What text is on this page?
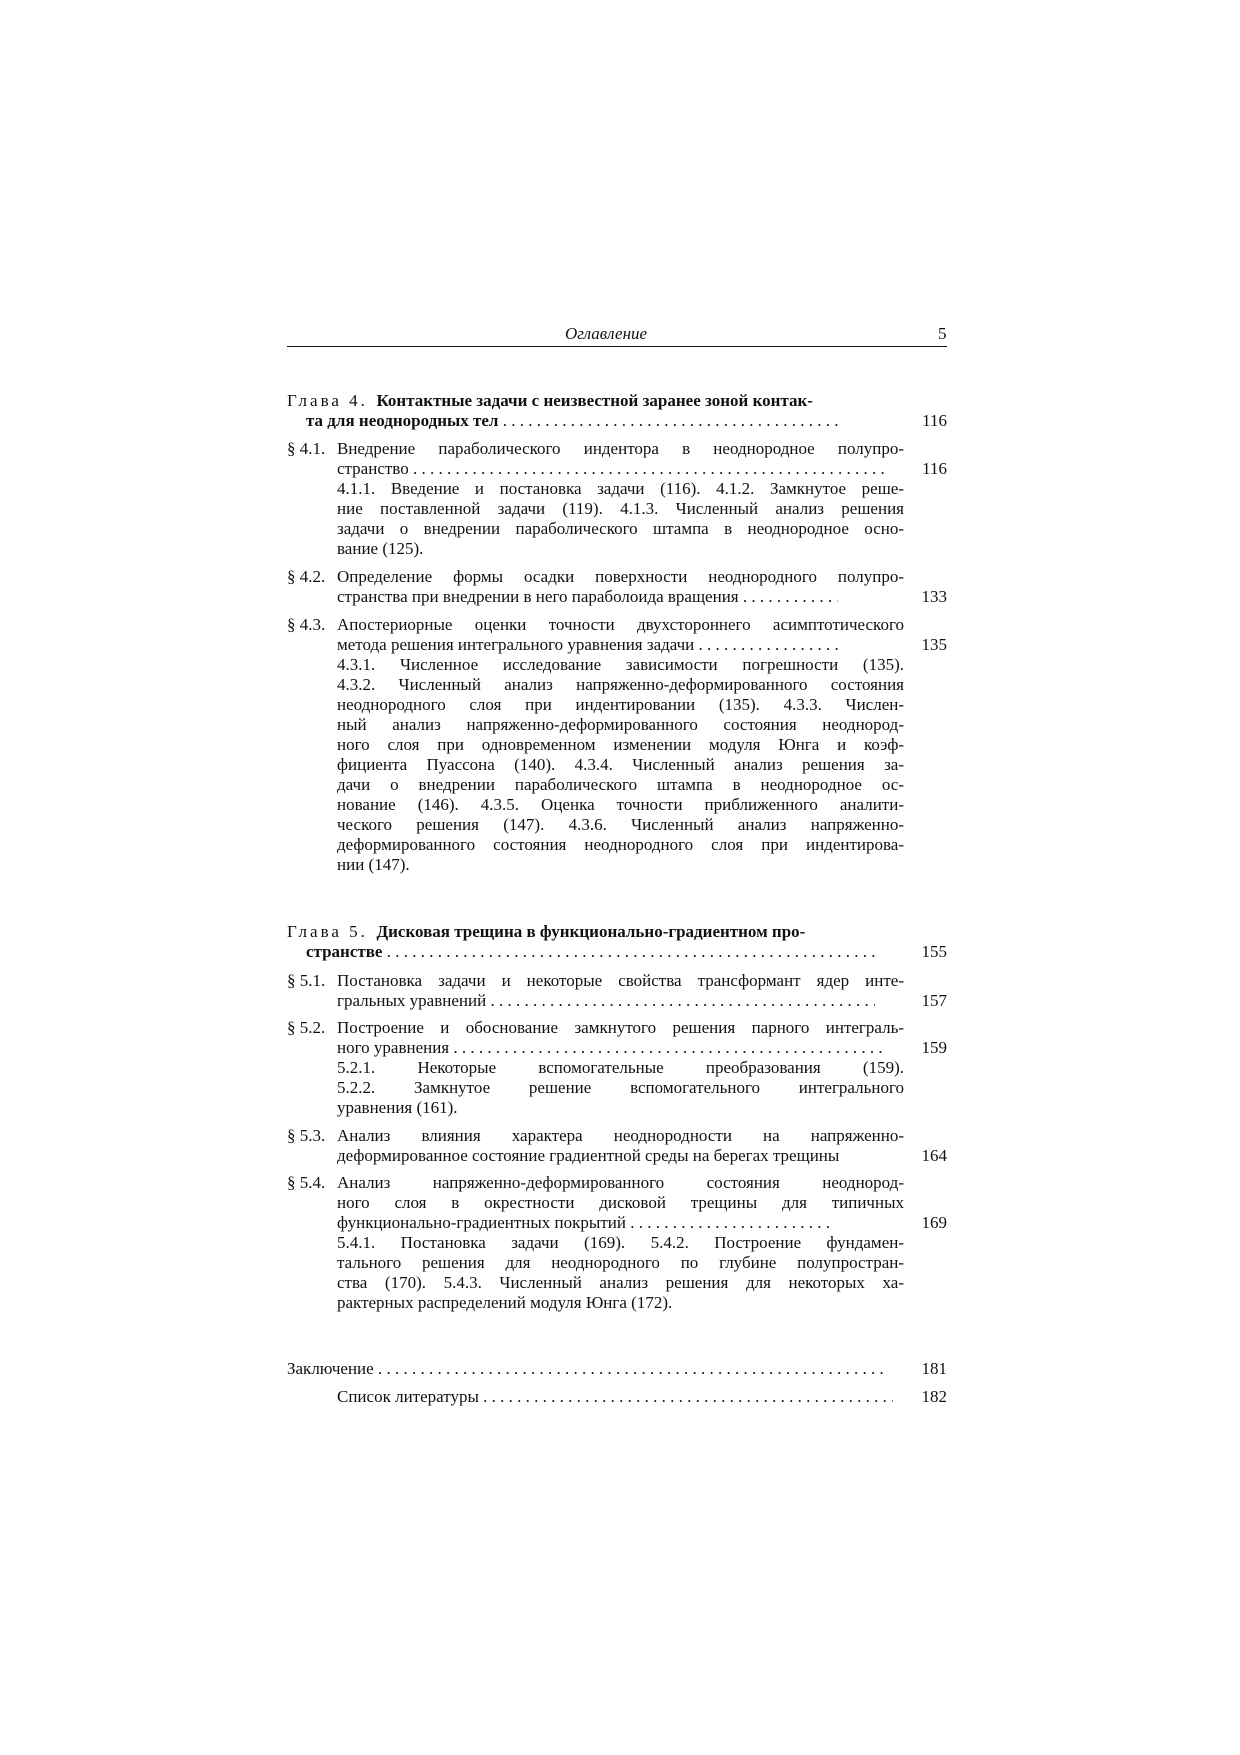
Оглавление	5
Глава 4. Контактные задачи с неизвестной заранее зоной контак-
та для неоднородных тел . . .	116
§ 4.1. Внедрение параболического индентора в неоднородное полупро-
странство . . .	116
4.1.1. Введение и постановка задачи (116). 4.1.2. Замкнутое реше-
ние поставленной задачи (119). 4.1.3. Численный анализ решения
задачи о внедрении параболического штампа в неоднородное осно-
вание (125).
§ 4.2. Определение формы осадки поверхности неоднородного полупро-
странства при внедрении в него параболоида вращения . . .	133
§ 4.3. Апостериорные оценки точности двухстороннего асимптотического
метода решения интегрального уравнения задачи . . .	135
4.3.1. Численное исследование зависимости погрешности (135).
4.3.2. Численный анализ напряженно-деформированного состояния
неоднородного слоя при индентировании (135). 4.3.3. Числен-
ный анализ напряженно-деформированного состояния неоднород-
ного слоя при одновременном изменении модуля Юнга и коэф-
фициента Пуассона (140). 4.3.4. Численный анализ решения за-
дачи о внедрении параболического штампа в неоднородное ос-
нование (146). 4.3.5. Оценка точности приближенного аналити-
ческого решения (147). 4.3.6. Численный анализ напряженно-
деформированного состояния неоднородного слоя при индентирова-
нии (147).
Глава 5. Дисковая трещина в функционально-градиентном про-
странстве . . .	155
§ 5.1. Постановка задачи и некоторые свойства трансформант ядер инте-
гральных уравнений . . .	157
§ 5.2. Построение и обоснование замкнутого решения парного интеграль-
ного уравнения . . .	159
5.2.1. Некоторые вспомогательные преобразования (159).
5.2.2. Замкнутое решение вспомогательного интегрального
уравнения (161).
§ 5.3. Анализ влияния характера неоднородности на напряженно-
деформированное состояние градиентной среды на берегах трещины	164
§ 5.4. Анализ напряженно-деформированного состояния неоднород-
ного слоя в окрестности дисковой трещины для типичных
функционально-градиентных покрытий . . .	169
5.4.1. Постановка задачи (169). 5.4.2. Построение фундамен-
тального решения для неоднородного по глубине полупростран-
ства (170). 5.4.3. Численный анализ решения для некоторых ха-
рактерных распределений модуля Юнга (172).
Заключение . . .	181
Список литературы . . .	182
